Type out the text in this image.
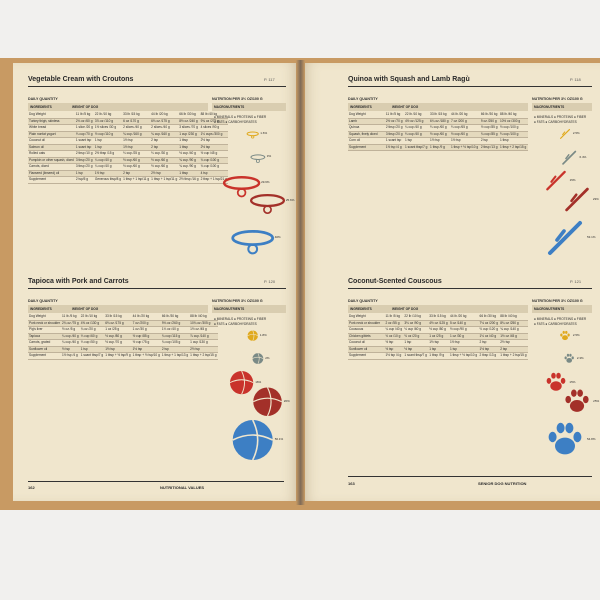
Vegetable Cream with Croutons	P. 117
DAILY QUANTITY
INGREDIENTS	WEIGHT OF DOG
Dog Weight	11 lb /5 kg	22 lb /10 kg	33 lb /15 kg	44 lb /20 kg	66 lb /30 kg	88 lb /40 kg
Turkey thigh, skinless	2⅛ oz /60 g	3⅞ oz /110 g	6 oz /170 g	6⅛ oz /175 g	8½ oz /240 g	9¾ oz /275 g
White bread	1 slice /20 g	1½ slices /30 g	2 slices /40 g	2 slices /40 g	3 slices /70 g	4 slices /90 g
Plain nonfat yogurt	⅓ cup /70 g	½ cup /110 g	¾ cup /160 g	¾ cup /160 g	1 cup /230 g	1⅓ cups /300 g
Coconut oil	1 scant tsp	1 tsp	1½ tsp	2 tsp	1 tbsp	2½ tsp
Salmon oil	1 scant tsp	1 tsp	1½ tsp	2 tsp	1 tbsp	2½ tsp
Rolled oats	2 tbsp /10 g	2½ tbsp /15 g	⅓ cup /25 g	⅓ cup /30 g	½ cup /40 g	½ cup /45 g
Pumpkin or other squash, diced	3 tbsp /20 g	¼ cup /40 g	½ cup /60 g	½ cup /60 g	¾ cup /90 g	¾ cup /100 g
Carrots, diced	3 tbsp /20 g	¼ cup /40 g	½ cup /60 g	½ cup /60 g	¾ cup /90 g	¾ cup /100 g
Flaxseed (linseed) oil	1 tsp	1½ tsp	2 tsp	2½ tsp	1 tbsp	4 tsp
Supplement	2 tsp/5 g	Generous tbsp/8 g	1 tbsp + 1 tsp/11 g	1 tbsp + 1 tsp/11 g	2½ tbsp /16 g	2 tbsp + 1 tsp/21 g
NUTRITION PER 3½ OZ/100 G
MACRONUTRIENTS
● MINERALS ● PROTEINS ● FIBER
● FATS ● CARBOHYDRATES
1.6%
3%
29.6%
25.6%
40%
Quinoa with Squash and Lamb Ragù	P. 118
DAILY QUANTITY
INGREDIENTS	WEIGHT OF DOG
Dog Weight	11 lb /5 kg	22 lb /10 kg	33 lb /15 kg	44 lb /20 kg	66 lb /30 kg	88 lb /40 kg
Lamb	2½ oz /70 g	4½ oz /125 g	6¼ oz /180 g	7 oz /200 g	9 oz /250 g	10½ oz /300 g
Quinoa	2 tbsp /20 g	¼ cup /40 g	⅓ cup /60 g	⅓ cup /65 g	½ cup /85 g	½ cup /100 g
Squash, finely diced	3 tbsp /20 g	⅓ cup /40 g	½ cup /60 g	½ cup /60 g	¾ cup /85 g	⅔ cup /100 g
Corn oil	1 scant tsp	1 tsp	1½ tsp	1½ tsp	2 tsp	1 tbsp
Supplement	1½ tsp /4 g	1 scant tbsp/7 g	1 tbsp /9 g	1 tbsp + ½ tsp/10 g	2 tbsp /13 g	1 tbsp + 2 tsp/15 g
NUTRITION PER 3½ OZ/100 G
MACRONUTRIENTS
● MINERALS ● PROTEINS ● FIBER
● FATS ● CARBOHYDRATES
2.5%
6.4%
15%
23%
53.1%
Tapioca with Pork and Carrots	P. 120
DAILY QUANTITY
INGREDIENTS	WEIGHT OF DOG
Dog Weight	11 lb /5 kg	22 lb /10 kg	33 lb /15 kg	44 lb /20 kg	66 lb /30 kg	88 lb /40 kg
Pork neck or shoulder	2¾ oz /75 g	4⅝ oz /130 g	6⅛ oz /175 g	7 oz /200 g	9⅛ oz /260 g	10¾ oz /305 g
Pig's liver	½ oz /5 g	¾ oz /20 g	1 oz /25 g	1 oz /30 g	1⅓ oz /40 g	1½ oz /45 g
Tapioca	¼ cup /40 g	⅓ cup /60 g	½ cup /80 g	½ cup /85 g	¾ cup /115 g	⅞ cup /140 g
Carrots, grated	¼ cup /40 g	⅓ cup /50 g	½ cup /70 g	½ cup /75 g	¾ cup /105 g	1 cup /130 g
Sunflower oil	½ tsp	1 tsp	1½ tsp	1½ tsp	2 tsp	2½ tsp
Supplement	1½ tsp /4 g	1 scant tbsp/7 g	1 tbsp + ½ tsp/9 g	1 tbsp + ½ tsp/10 g	1 tbsp + 1 tsp/13 g	1 tbsp + 2 tsp/15 g
NUTRITION PER 3½ OZ/100 G
MACRONUTRIENTS
● MINERALS ● PROTEINS ● FIBER
● FATS ● CARBOHYDRATES
1.8%
2%
16%
26%
56.1%
Coconut-Scented Couscous	P. 121
DAILY QUANTITY
INGREDIENTS	WEIGHT OF DOG
Dog Weight	11 lb /5 kg	22 lb /10 kg	33 lb /15 kg	44 lb /20 kg	66 lb /30 kg	88 lb /40 kg
Pork neck or shoulder	2 oz /55 g	3⅛ oz /90 g	4½ oz /125 g	5 oz /140 g	7⅛ oz /200 g	8¾ oz /250 g
Couscous	¼ cup /40 g	⅓ cup /60 g	½ cup /80 g	½ cup /90 g	⅔ cup /120 g	¾ cup /140 g
Chicken giblets	⅓ oz /10 g	⅔ oz /20 g	1 oz /25 g	1 oz /30 g	1⅓ oz /40 g	1½ oz /45 g
Coconut oil	½ tsp	1 tsp	1½ tsp	1½ tsp	2 tsp	2½ tsp
Sunflower oil	½ tsp	½ tsp	1 tsp	1 tsp	1½ tsp	2 tsp
Supplement	1½ tsp /4 g	1 scant tbsp/7 g	1 tbsp /9 g	1 tbsp + ½ tsp/10 g	2 tbsp /13 g	1 tbsp + 2 tsp/15 g
NUTRITION PER 3½ OZ/100 G
MACRONUTRIENTS
● MINERALS ● PROTEINS ● FIBER
● FATS ● CARBOHYDRATES
2.5%
2.3%
15%
25%
54.8%
162	NUTRITIONAL VALUES
163	SENIOR DOG NUTRITION
